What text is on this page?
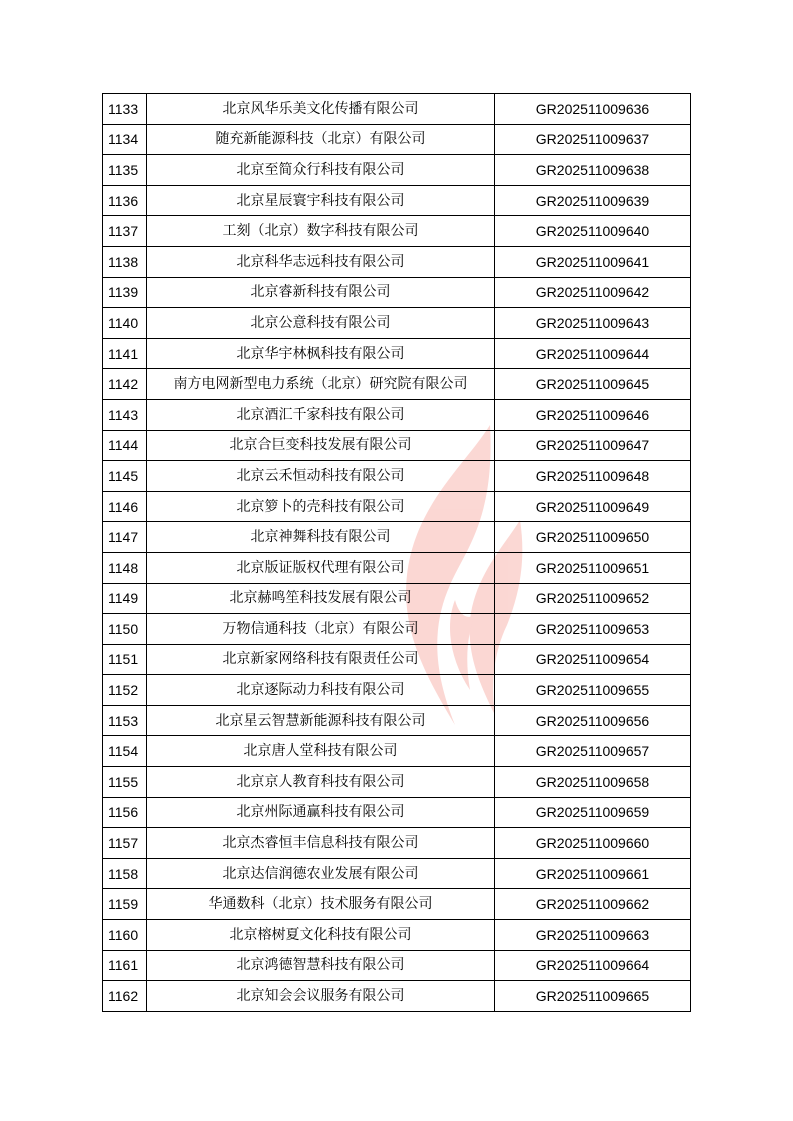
1133	北京风华乐美文化传播有限公司	GR202511009636
1134	随充新能源科技（北京）有限公司	GR202511009637
1135	北京至简众行科技有限公司	GR202511009638
1136	北京星辰寰宇科技有限公司	GR202511009639
1137	工刻（北京）数字科技有限公司	GR202511009640
1138	北京科华志远科技有限公司	GR202511009641
1139	北京睿新科技有限公司	GR202511009642
1140	北京公意科技有限公司	GR202511009643
1141	北京华宇林枫科技有限公司	GR202511009644
1142	南方电网新型电力系统（北京）研究院有限公司	GR202511009645
1143	北京酒汇千家科技有限公司	GR202511009646
1144	北京合巨变科技发展有限公司	GR202511009647
1145	北京云禾恒动科技有限公司	GR202511009648
1146	北京箩卜的壳科技有限公司	GR202511009649
1147	北京神舞科技有限公司	GR202511009650
1148	北京版证版权代理有限公司	GR202511009651
1149	北京赫鸣笙科技发展有限公司	GR202511009652
1150	万物信通科技（北京）有限公司	GR202511009653
1151	北京新家网络科技有限责任公司	GR202511009654
1152	北京逐际动力科技有限公司	GR202511009655
1153	北京星云智慧新能源科技有限公司	GR202511009656
1154	北京唐人堂科技有限公司	GR202511009657
1155	北京京人教育科技有限公司	GR202511009658
1156	北京州际通赢科技有限公司	GR202511009659
1157	北京杰睿恒丰信息科技有限公司	GR202511009660
1158	北京达信润德农业发展有限公司	GR202511009661
1159	华通数科（北京）技术服务有限公司	GR202511009662
1160	北京榕树夏文化科技有限公司	GR202511009663
1161	北京鸿德智慧科技有限公司	GR202511009664
1162	北京知会会议服务有限公司	GR202511009665
